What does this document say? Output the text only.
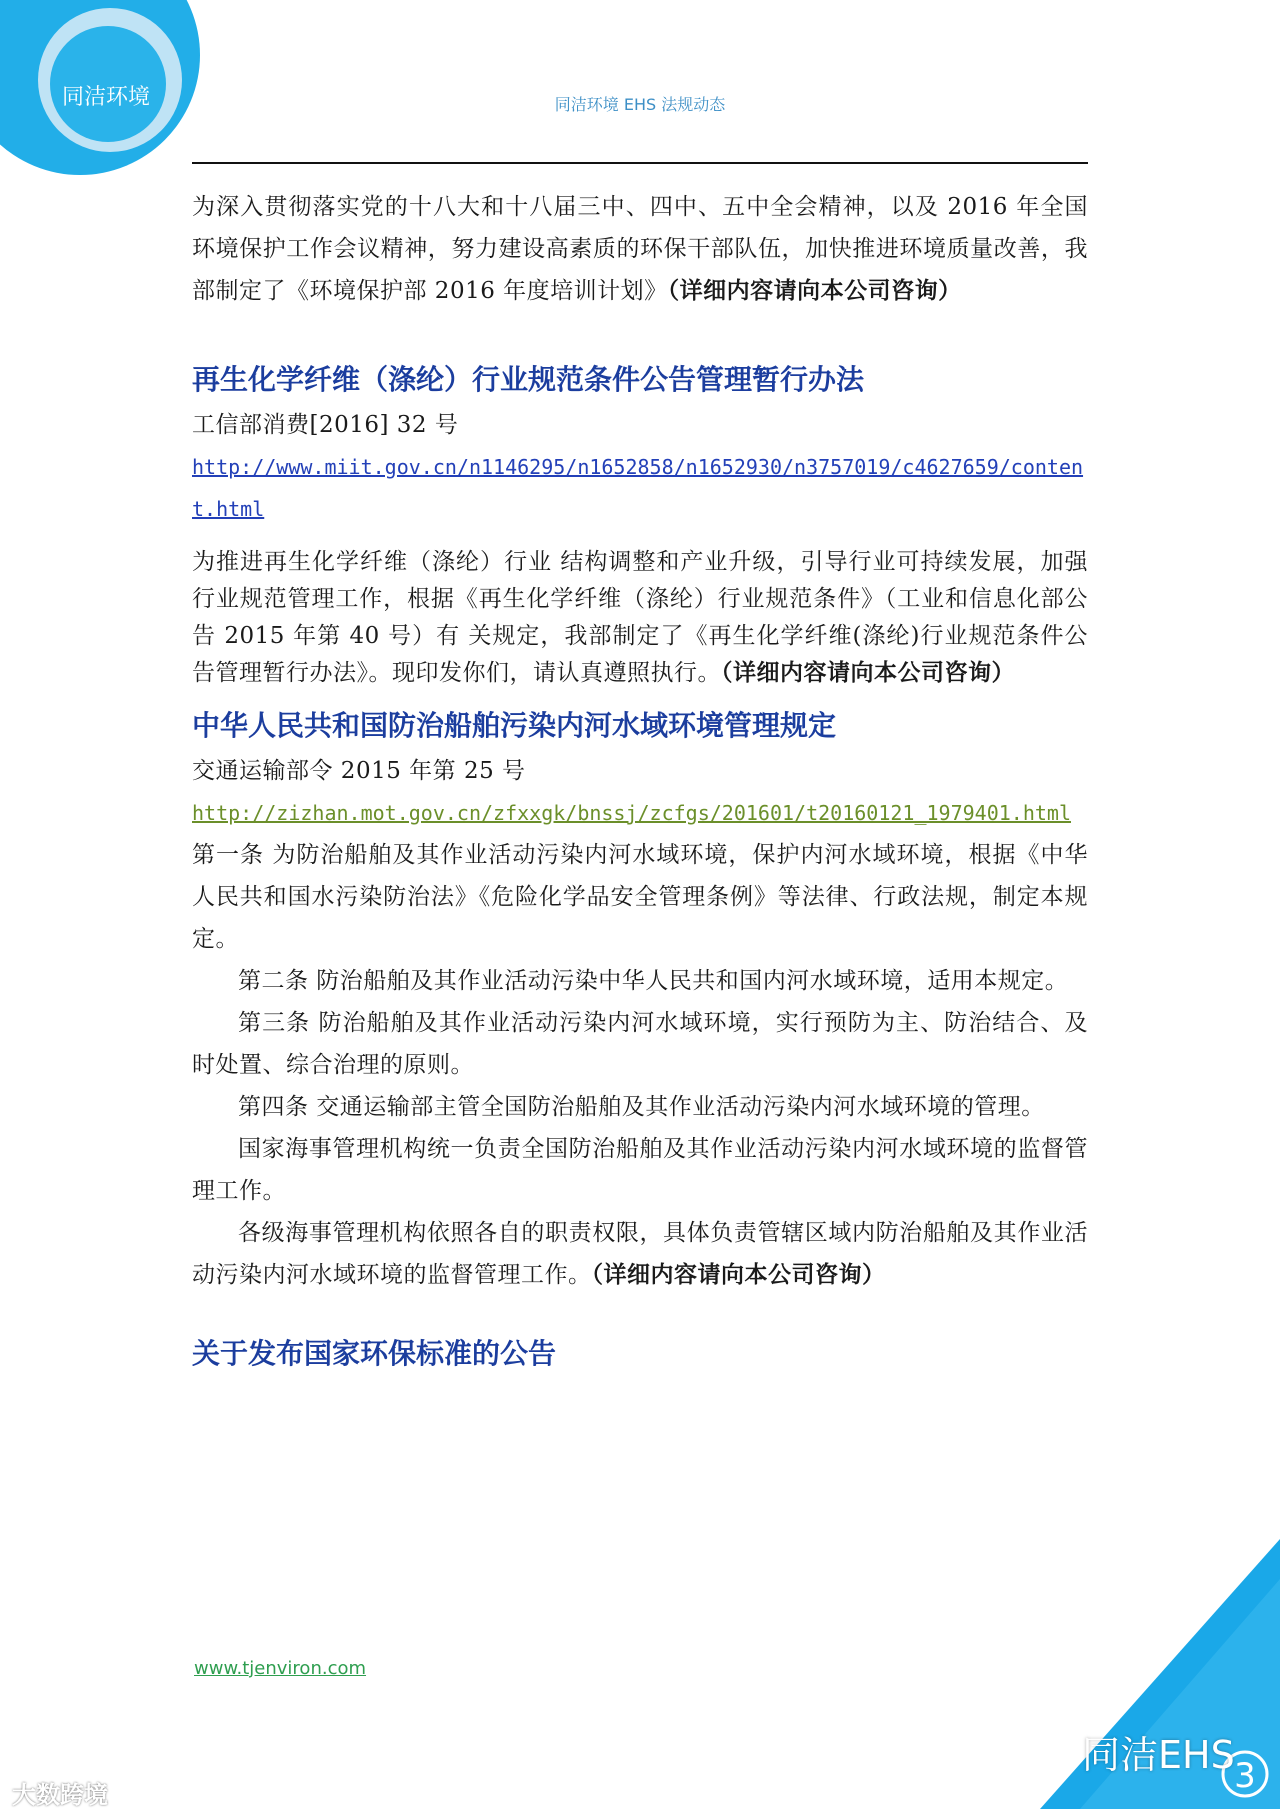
同洁环境	同洁环境 EHS 法规动态

为深入贯彻落实党的十八大和十八届三中、四中、五中全会精神，以及 2016 年全国环境保护工作会议精神，努力建设高素质的环保干部队伍，加快推进环境质量改善，我部制定了《环境保护部 2016 年度培训计划》（详细内容请向本公司咨询）

再生化学纤维（涤纶）行业规范条件公告管理暂行办法

工信部消费[2016] 32 号

http://www.miit.gov.cn/n1146295/n1652858/n1652930/n3757019/c4627659/content.html

为推进再生化学纤维（涤纶）行业 结构调整和产业升级，引导行业可持续发展，加强行业规范管理工作，根据《再生化学纤维（涤纶）行业规范条件》（工业和信息化部公告 2015 年第 40 号）有 关规定，我部制定了《再生化学纤维(涤纶)行业规范条件公告管理暂行办法》。现印发你们，请认真遵照执行。（详细内容请向本公司咨询）

中华人民共和国防治船舶污染内河水域环境管理规定

交通运输部令 2015 年第 25 号

http://zizhan.mot.gov.cn/zfxxgk/bnssj/zcfgs/201601/t20160121_1979401.html

第一条 为防治船舶及其作业活动污染内河水域环境，保护内河水域环境，根据《中华人民共和国水污染防治法》《危险化学品安全管理条例》等法律、行政法规，制定本规定。

第二条 防治船舶及其作业活动污染中华人民共和国内河水域环境，适用本规定。

第三条 防治船舶及其作业活动污染内河水域环境，实行预防为主、防治结合、及时处置、综合治理的原则。

第四条 交通运输部主管全国防治船舶及其作业活动污染内河水域环境的管理。

国家海事管理机构统一负责全国防治船舶及其作业活动污染内河水域环境的监督管理工作。

各级海事管理机构依照各自的职责权限，具体负责管辖区域内防治船舶及其作业活动污染内河水域环境的监督管理工作。（详细内容请向本公司咨询）

关于发布国家环保标准的公告
www.tjenviron.com
3
同洁EHS
大数跨境
